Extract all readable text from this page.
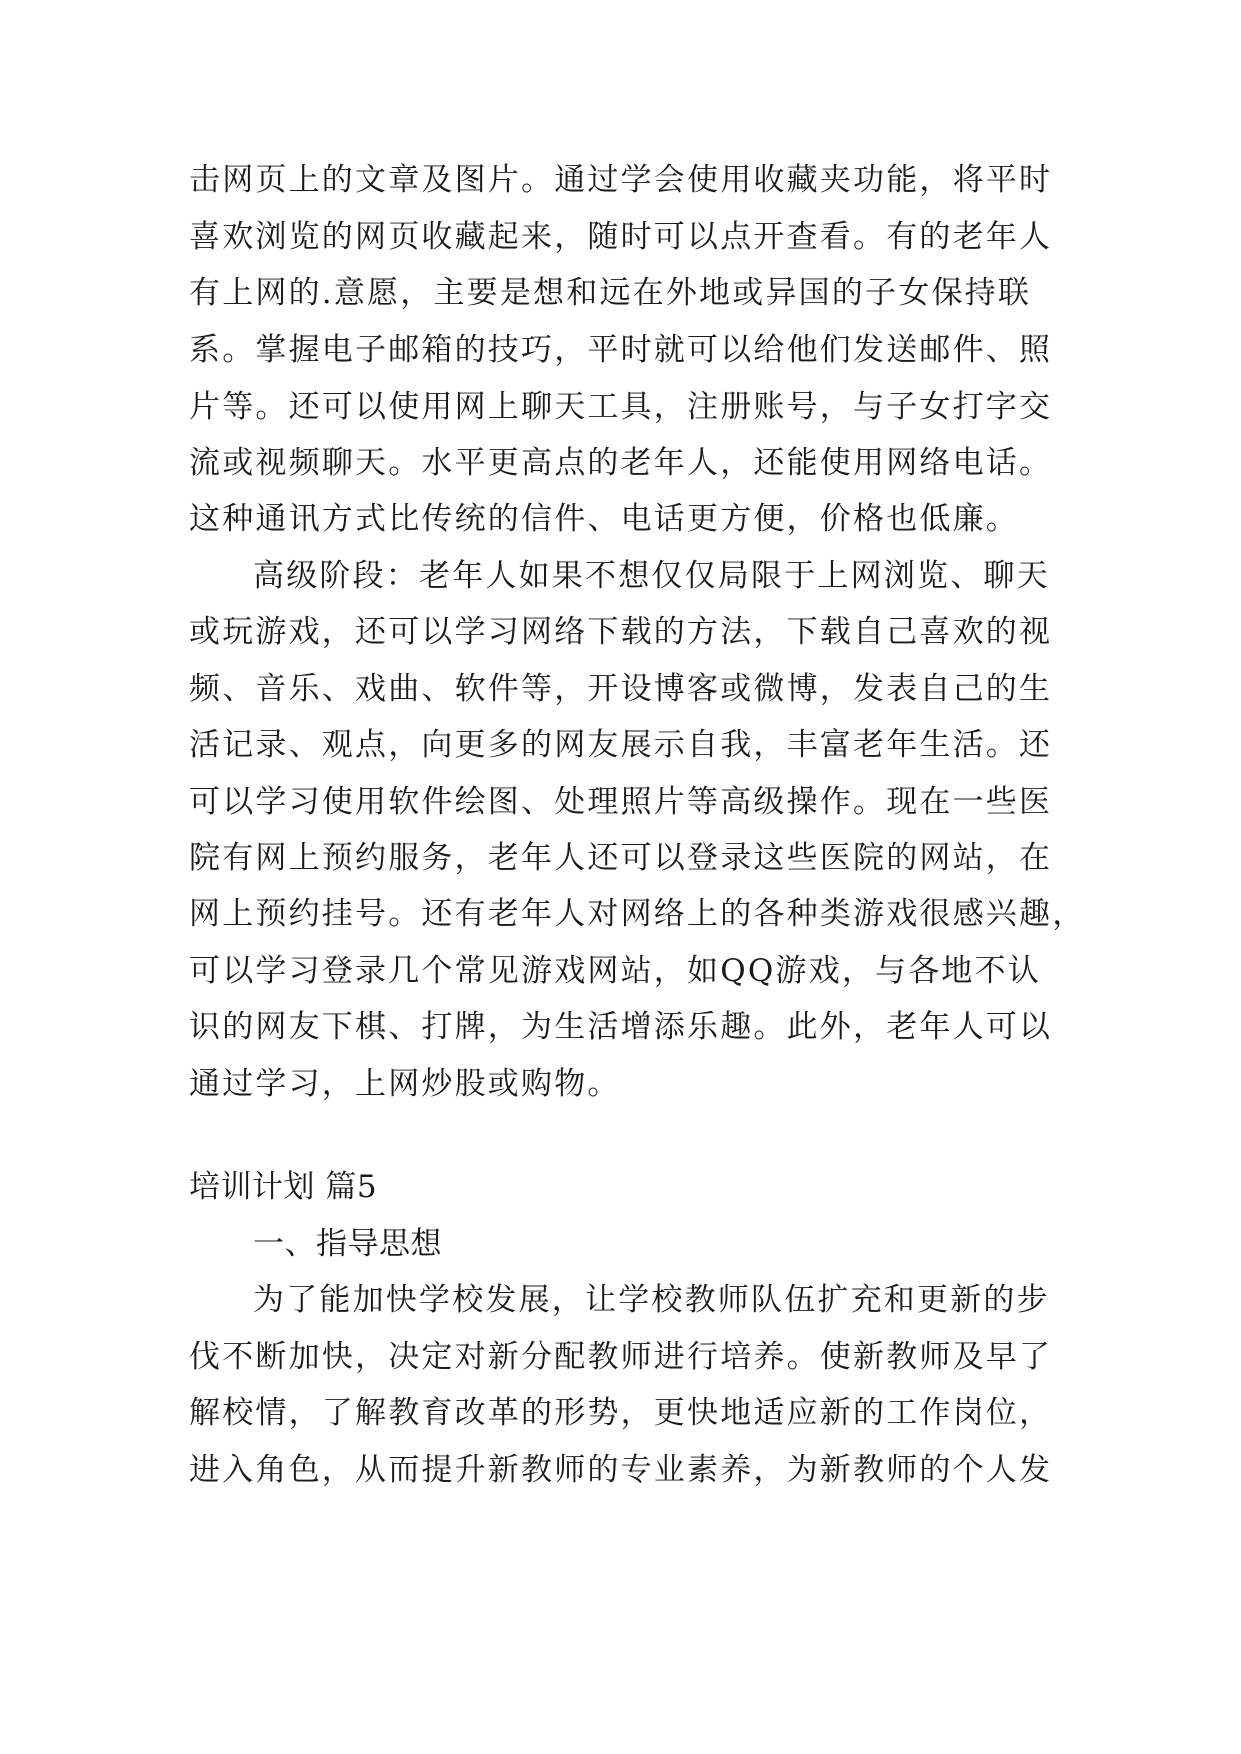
击网页上的文章及图片。通过学会使用收藏夹功能，将平时
喜欢浏览的网页收藏起来，随时可以点开查看。有的老年人
有上网的.意愿，主要是想和远在外地或异国的子女保持联
系。掌握电子邮箱的技巧，平时就可以给他们发送邮件、照
片等。还可以使用网上聊天工具，注册账号，与子女打字交
流或视频聊天。水平更高点的老年人，还能使用网络电话。
这种通讯方式比传统的信件、电话更方便，价格也低廉。
高级阶段：老年人如果不想仅仅局限于上网浏览、聊天
或玩游戏，还可以学习网络下载的方法，下载自己喜欢的视
频、音乐、戏曲、软件等，开设博客或微博，发表自己的生
活记录、观点，向更多的网友展示自我，丰富老年生活。还
可以学习使用软件绘图、处理照片等高级操作。现在一些医
院有网上预约服务，老年人还可以登录这些医院的网站，在
网上预约挂号。还有老年人对网络上的各种类游戏很感兴趣，
可以学习登录几个常见游戏网站，如QQ游戏，与各地不认
识的网友下棋、打牌，为生活增添乐趣。此外，老年人可以
通过学习，上网炒股或购物。
培训计划 篇5
一、指导思想
为了能加快学校发展，让学校教师队伍扩充和更新的步
伐不断加快，决定对新分配教师进行培养。使新教师及早了
解校情，了解教育改革的形势，更快地适应新的工作岗位，
进入角色，从而提升新教师的专业素养，为新教师的个人发
